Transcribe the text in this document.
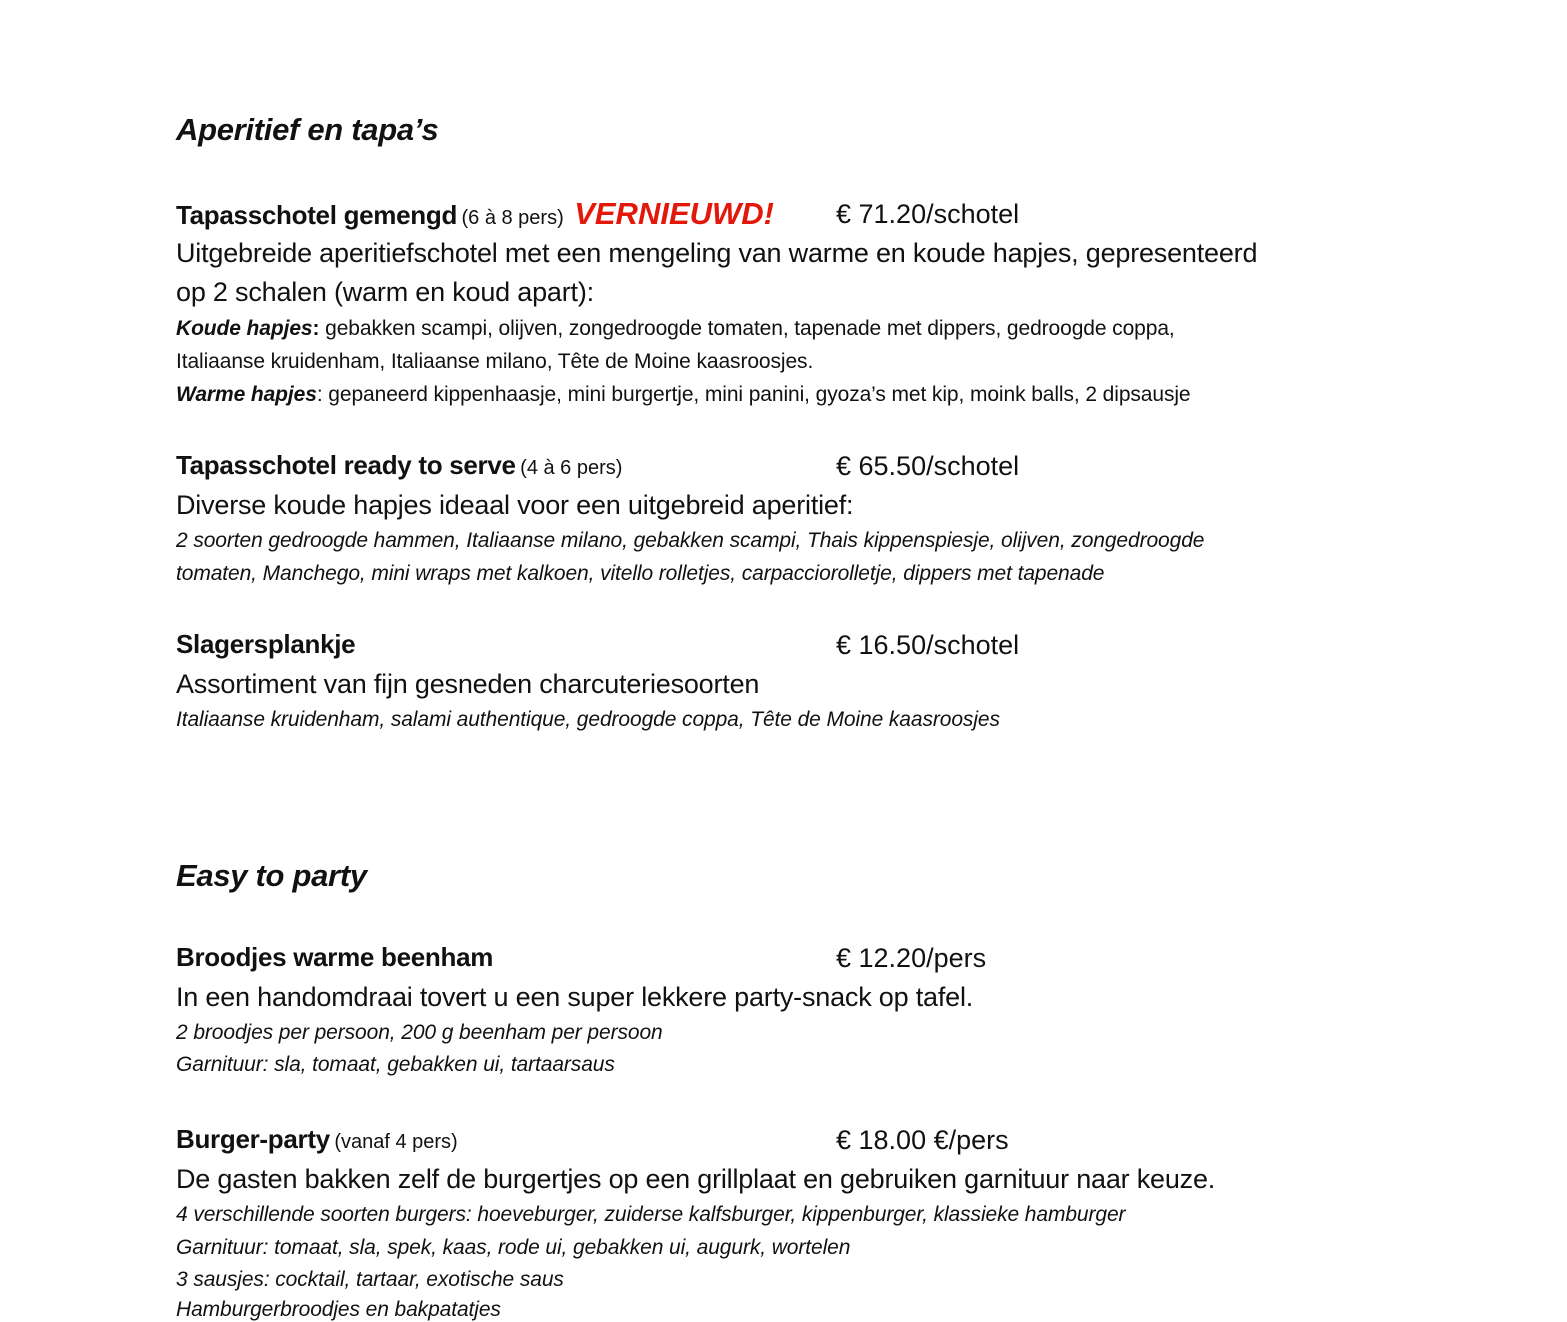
Aperitief en tapa’s
Tapasschotel gemengd (6 à 8 pers) VERNIEUWD! € 71.20/schotel
Uitgebreide aperitiefschotel met een mengeling van warme en koude hapjes, gepresenteerd
op 2 schalen (warm en koud apart):
Koude hapjes: gebakken scampi, olijven, zongedroogde tomaten, tapenade met dippers, gedroogde coppa,
Italiaanse kruidenham, Italiaanse milano, Tête de Moine kaasroosjes.
Warme hapjes: gepaneerd kippenhaasje, mini burgertje, mini panini, gyoza’s met kip, moink balls, 2 dipsausje
Tapasschotel ready to serve (4 à 6 pers)	€ 65.50/schotel
Diverse koude hapjes ideaal voor een uitgebreid aperitief:
2 soorten gedroogde hammen, Italiaanse milano, gebakken scampi, Thais kippenspiesje, olijven, zongedroogde
tomaten, Manchego, mini wraps met kalkoen, vitello rolletjes, carpacciorolletje, dippers met tapenade
Slagersplankje	€ 16.50/schotel
Assortiment van fijn gesneden charcuteriesoorten
Italiaanse kruidenham, salami authentique, gedroogde coppa, Tête de Moine kaasroosjes
Easy to party
Broodjes warme beenham	€ 12.20/pers
In een handomdraai tovert u een super lekkere party-snack op tafel.
2 broodjes per persoon, 200 g beenham per persoon
Garnituur: sla, tomaat, gebakken ui, tartaarsaus
Burger-party (vanaf 4 pers)	€ 18.00 €/pers
De gasten bakken zelf de burgertjes op een grillplaat en gebruiken garnituur naar keuze.
4 verschillende soorten burgers: hoeveburger, zuiderse kalfsburger, kippenburger, klassieke hamburger
Garnituur: tomaat, sla, spek, kaas, rode ui, gebakken ui, augurk, wortelen
3 sausjes: cocktail, tartaar, exotische saus
Hamburgerbroodjes en bakpatatjes
